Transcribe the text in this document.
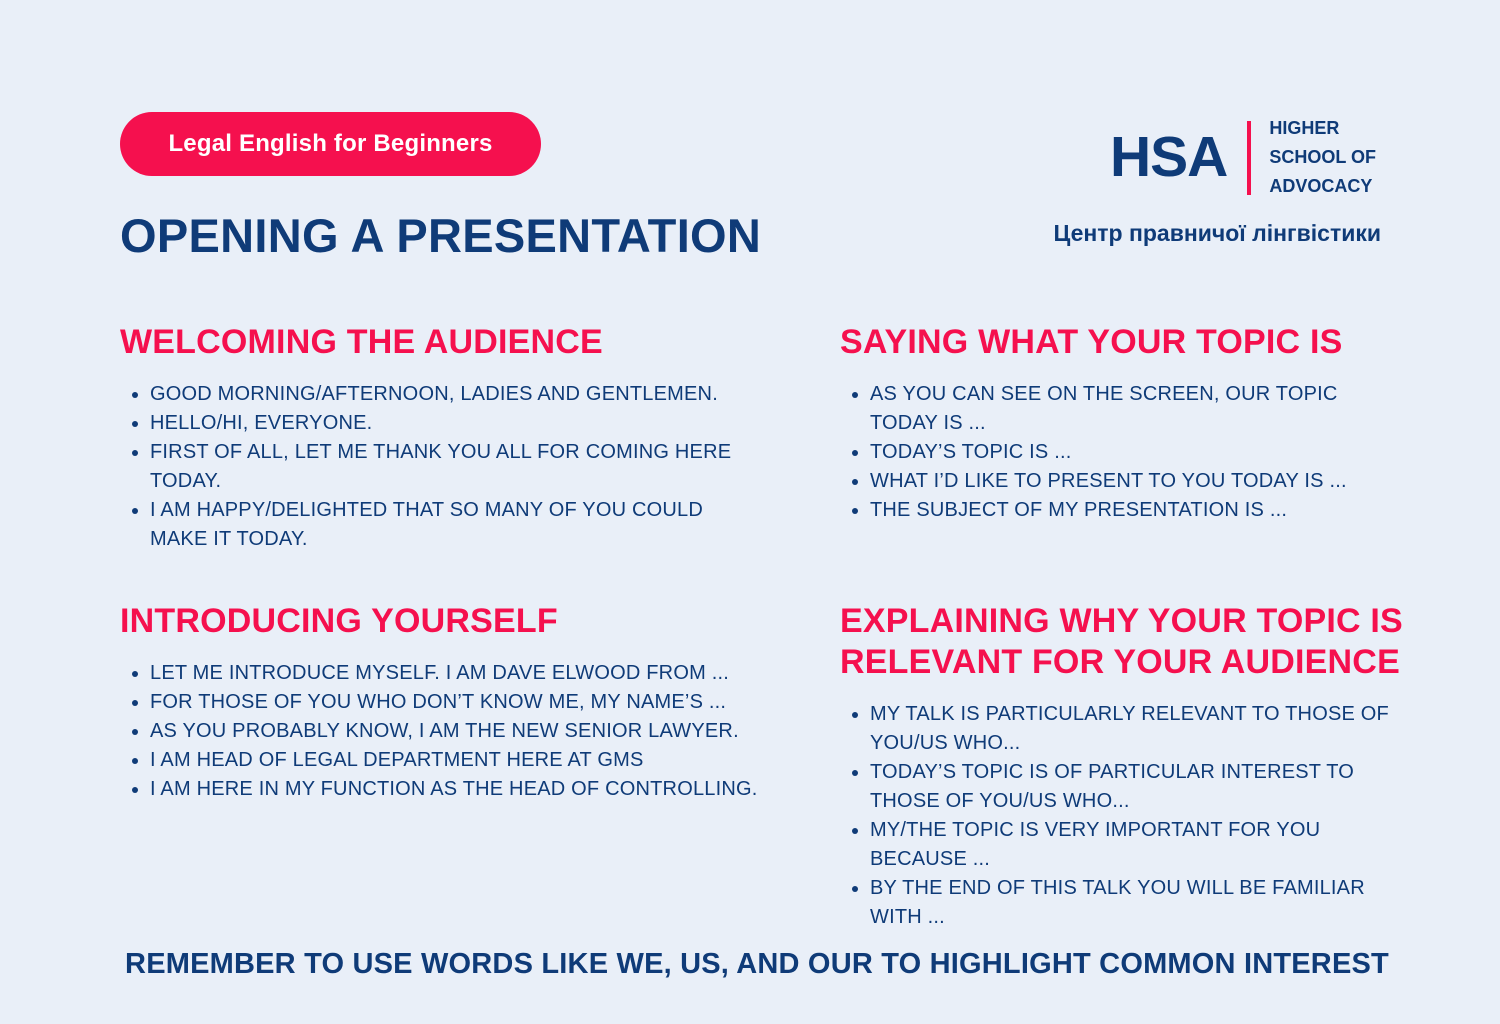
Legal English for Beginners
OPENING A PRESENTATION
HSA HIGHER
SCHOOL OF
ADVOCACY
Центр правничої лінгвістики
WELCOMING THE AUDIENCE
GOOD MORNING/AFTERNOON, LADIES AND GENTLEMEN.
HELLO/HI, EVERYONE.
FIRST OF ALL, LET ME THANK YOU ALL FOR COMING HERE TODAY.
I AM HAPPY/DELIGHTED THAT SO MANY OF YOU COULD MAKE IT TODAY.
SAYING WHAT YOUR TOPIC IS
AS YOU CAN SEE ON THE SCREEN, OUR TOPIC TODAY IS ...
TODAY’S TOPIC IS ...
WHAT I’D LIKE TO PRESENT TO YOU TODAY IS ...
THE SUBJECT OF MY PRESENTATION IS ...
INTRODUCING YOURSELF
LET ME INTRODUCE MYSELF. I AM DAVE ELWOOD FROM ...
FOR THOSE OF YOU WHO DON’T KNOW ME, MY NAME’S ...
AS YOU PROBABLY KNOW, I AM THE NEW SENIOR LAWYER.
I AM HEAD OF LEGAL DEPARTMENT HERE AT GMS
I AM HERE IN MY FUNCTION AS THE HEAD OF CONTROLLING.
EXPLAINING WHY YOUR TOPIC IS RELEVANT FOR YOUR AUDIENCE
MY TALK IS PARTICULARLY RELEVANT TO THOSE OF YOU/US WHO...
TODAY’S TOPIC IS OF PARTICULAR INTEREST TO THOSE OF YOU/US WHO...
MY/THE TOPIC IS VERY IMPORTANT FOR YOU BECAUSE ...
BY THE END OF THIS TALK YOU WILL BE FAMILIAR WITH ...
REMEMBER TO USE WORDS LIKE WE, US, AND OUR TO HIGHLIGHT COMMON INTEREST
